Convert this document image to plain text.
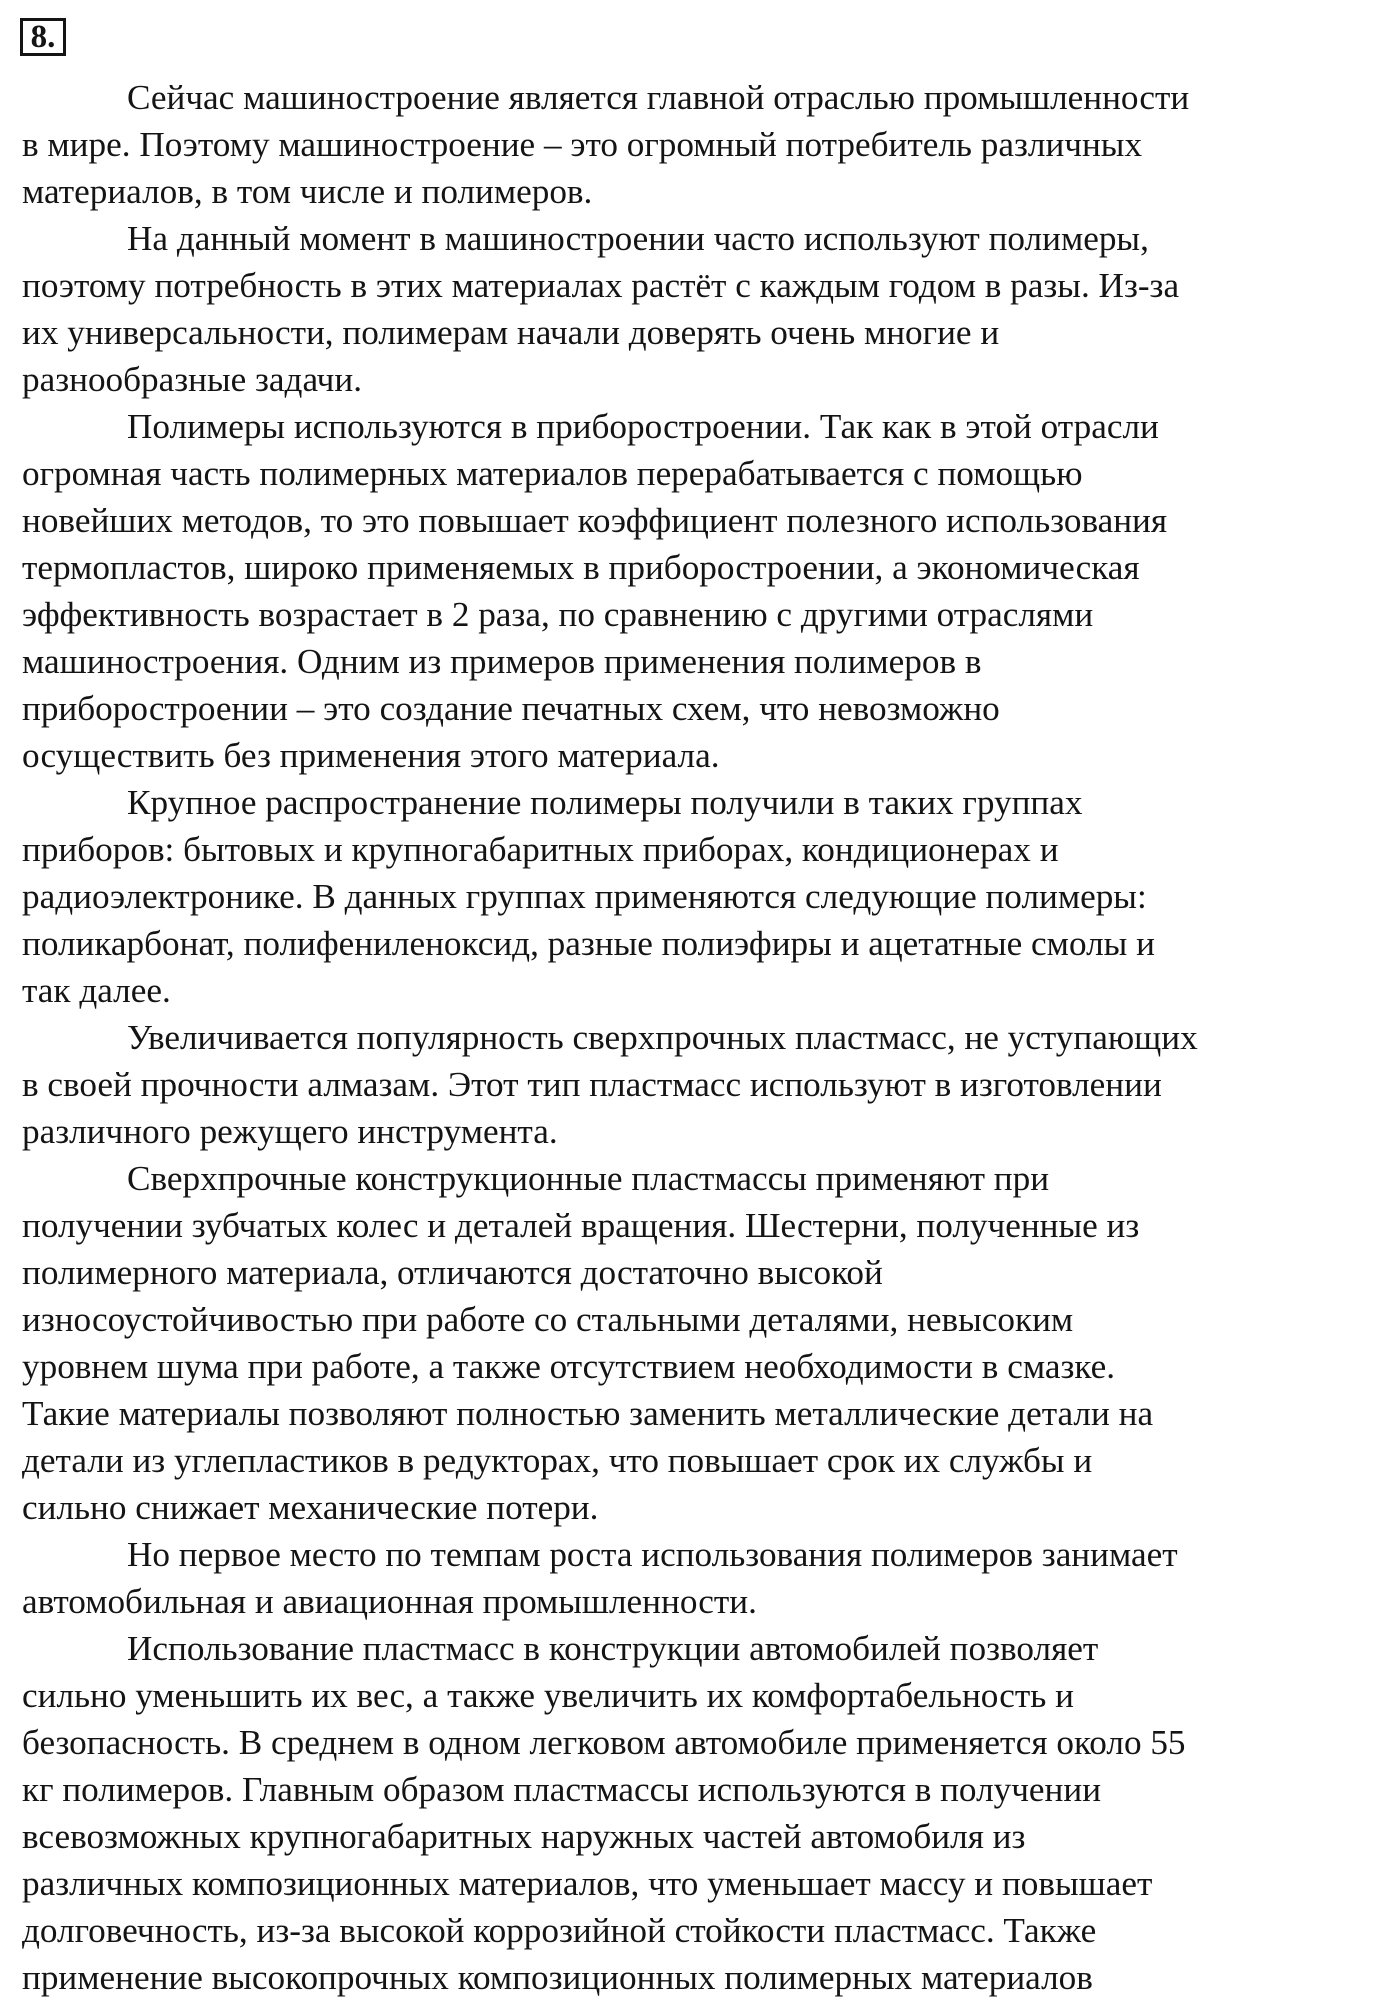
8.
Сейчас машиностроение является главной отраслью промышленности
в мире. Поэтому машиностроение – это огромный потребитель различных
материалов, в том числе и полимеров.
На данный момент в машиностроении часто используют полимеры,
поэтому потребность в этих материалах растёт с каждым годом в разы. Из-за
их универсальности, полимерам начали доверять очень многие и
разнообразные задачи.
Полимеры используются в приборостроении. Так как в этой отрасли
огромная часть полимерных материалов перерабатывается с помощью
новейших методов, то это повышает коэффициент полезного использования
термопластов, широко применяемых в приборостроении, а экономическая
эффективность возрастает в 2 раза, по сравнению с другими отраслями
машиностроения. Одним из примеров применения полимеров в
приборостроении – это создание печатных схем, что невозможно
осуществить без применения этого материала.
Крупное распространение полимеры получили в таких группах
приборов: бытовых и крупногабаритных приборах, кондиционерах и
радиоэлектронике. В данных группах применяются следующие полимеры:
поликарбонат, полифениленоксид, разные полиэфиры и ацетатные смолы и
так далее.
Увеличивается популярность сверхпрочных пластмасс, не уступающих
в своей прочности алмазам. Этот тип пластмасс используют в изготовлении
различного режущего инструмента.
Сверхпрочные конструкционные пластмассы применяют при
получении зубчатых колес и деталей вращения. Шестерни, полученные из
полимерного материала, отличаются достаточно высокой
износоустойчивостью при работе со стальными деталями, невысоким
уровнем шума при работе, а также отсутствием необходимости в смазке.
Такие материалы позволяют полностью заменить металлические детали на
детали из углепластиков в редукторах, что повышает срок их службы и
сильно снижает механические потери.
Но первое место по темпам роста использования полимеров занимает
автомобильная и авиационная промышленности.
Использование пластмасс в конструкции автомобилей позволяет
сильно уменьшить их вес, а также увеличить их комфортабельность и
безопасность. В среднем в одном легковом автомобиле применяется около 55
кг полимеров. Главным образом пластмассы используются в получении
всевозможных крупногабаритных наружных частей автомобиля из
различных композиционных материалов, что уменьшает массу и повышает
долговечность, из-за высокой коррозийной стойкости пластмасс. Также
применение высокопрочных композиционных полимерных материалов
